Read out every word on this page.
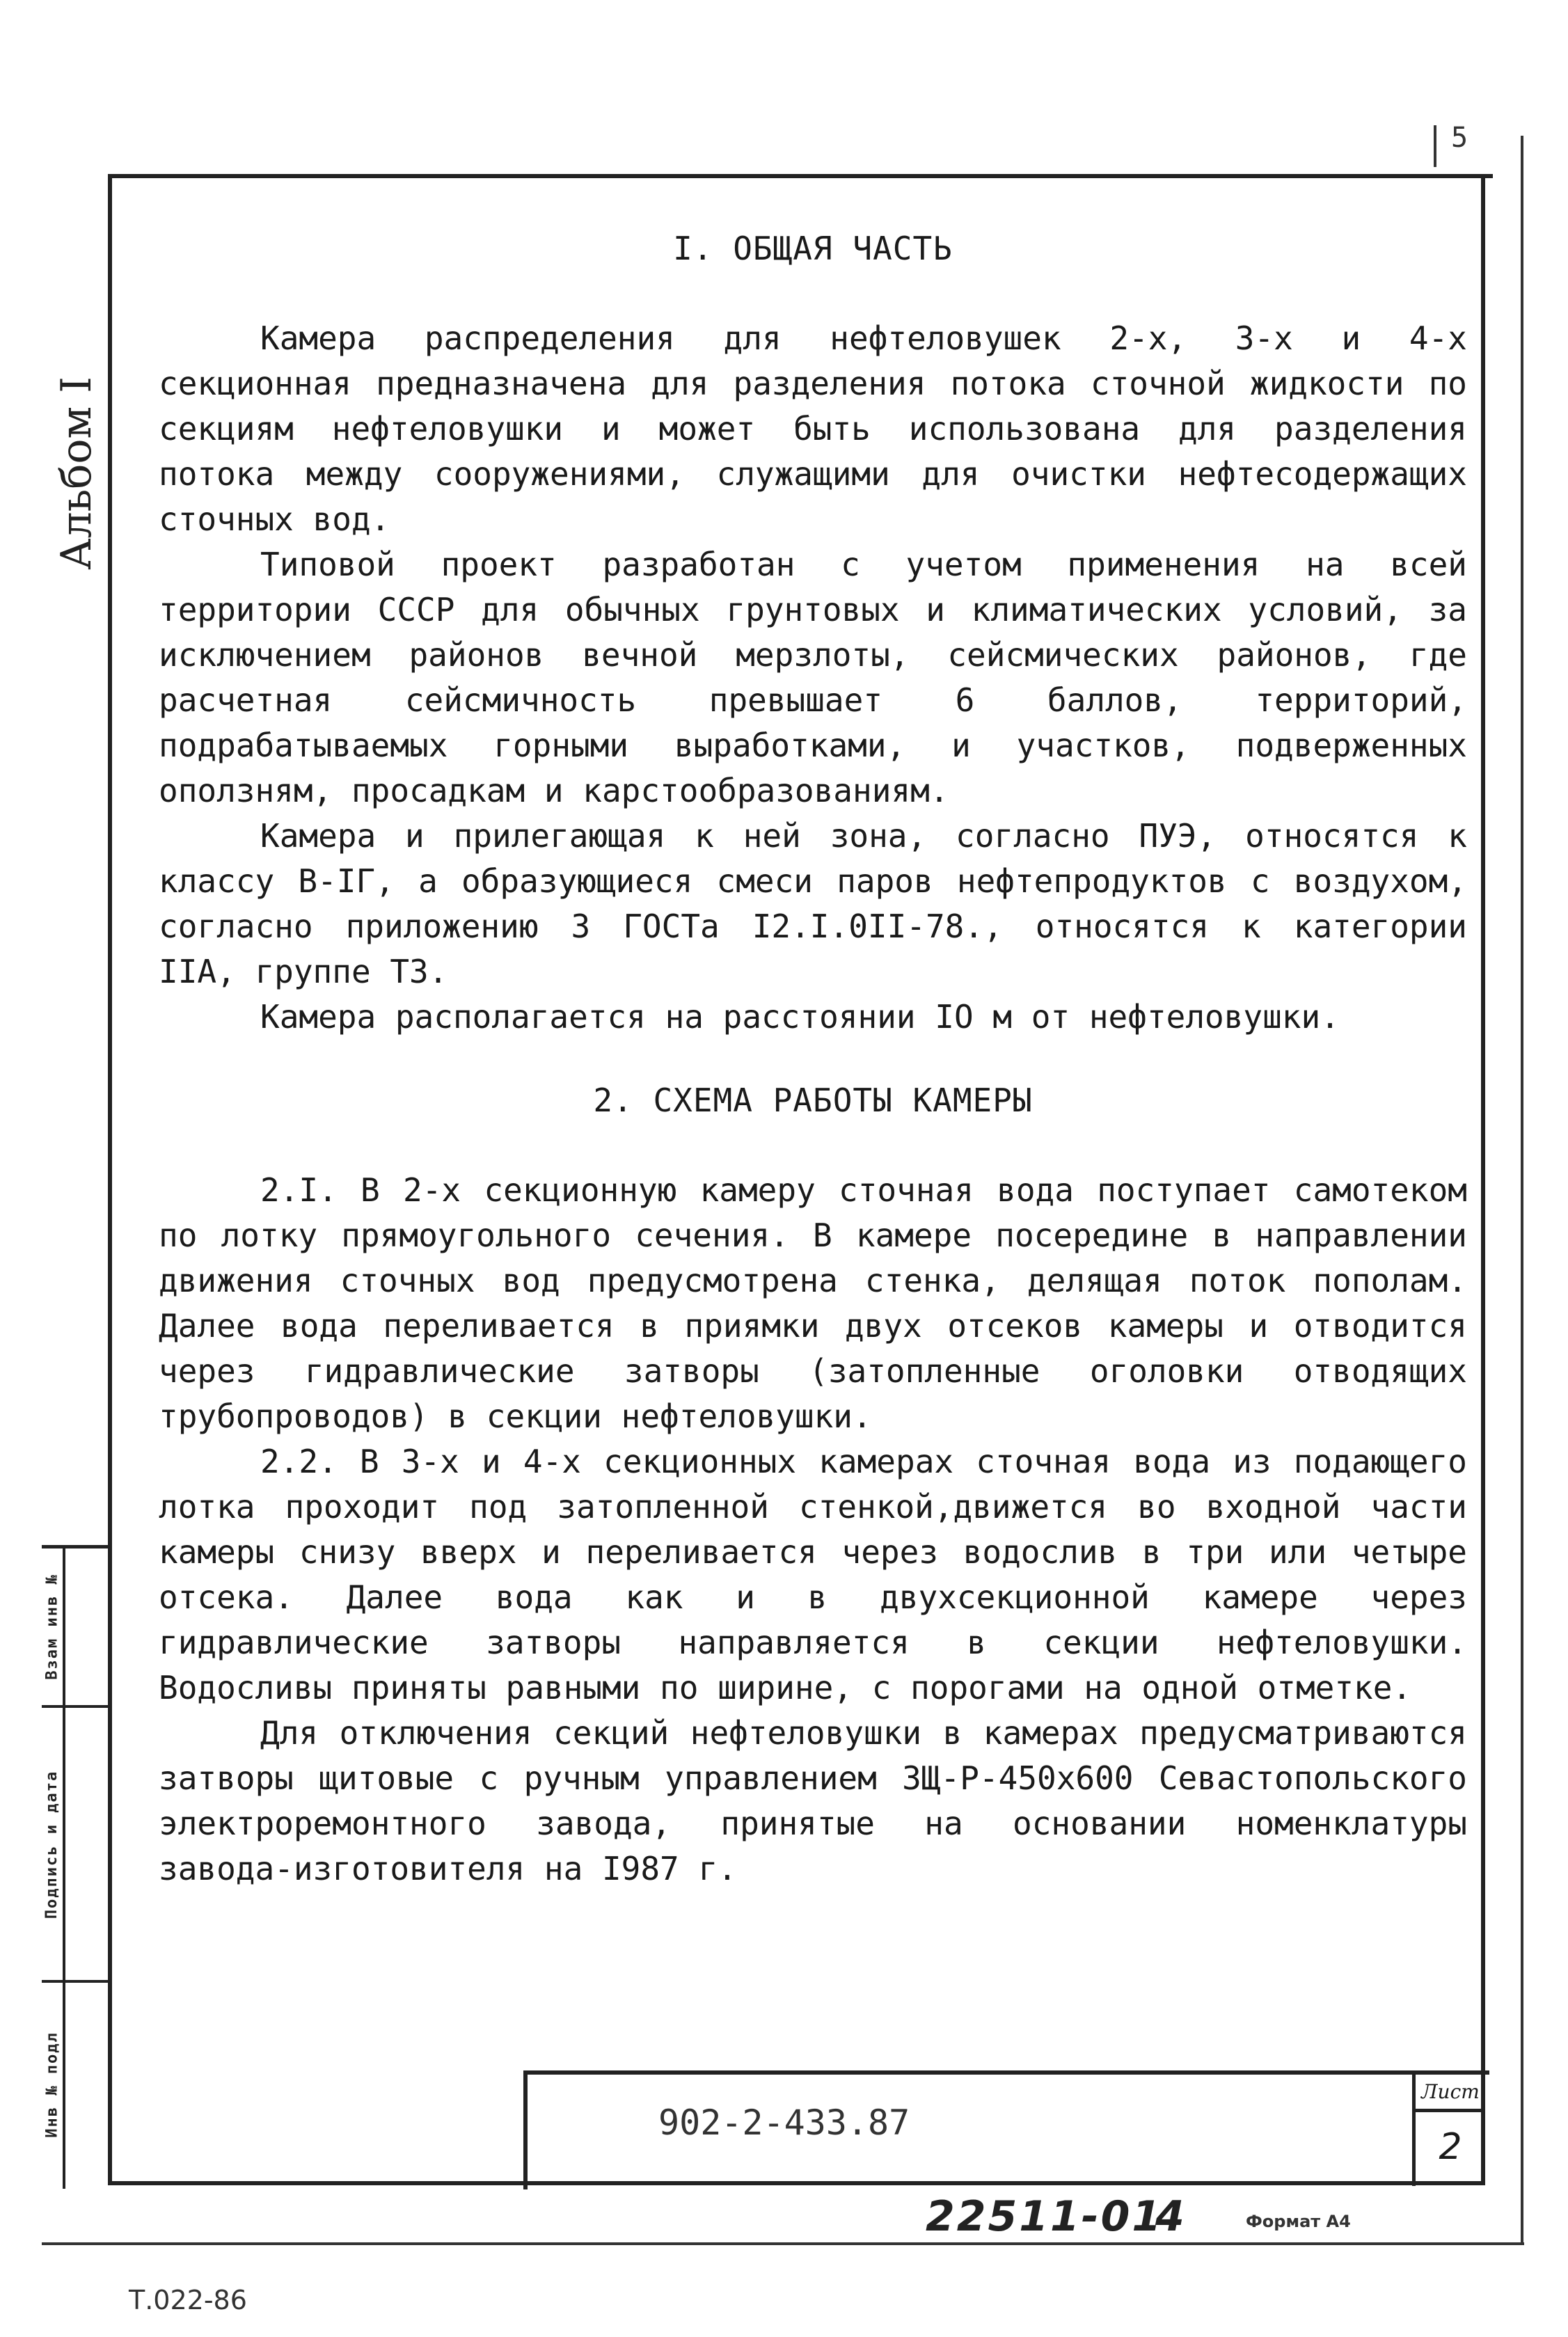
5
Альбом I
Взам инв №
Подпись и дата
Инв № подл
I. ОБЩАЯ ЧАСТЬ

Камера распределения для нефтеловушек 2-х, 3-х и 4-х секционная предназначена для разделения потока сточной жидкости по секциям нефтеловушки и может быть использована для разделения потока между сооружениями, служащими для очистки нефтесодержащих сточных вод.

Типовой проект разработан с учетом применения на всей территории СССР для обычных грунтовых и климатических условий, за исключением районов вечной мерзлоты, сейсмических районов, где расчетная сейсмичность превышает 6 баллов, территорий, подрабатываемых горными выработками, и участков, подверженных оползням, просадкам и карстообразованиям.

Камера и прилегающая к ней зона, согласно ПУЭ, относятся к классу В-IГ, а образующиеся смеси паров нефтепродуктов с воздухом, согласно приложению 3 ГОСТа I2.I.0II-78., относятся к категории IIА, группе ТЗ.

Камера располагается на расстоянии IO м от нефтеловушки.

2. СХЕМА РАБОТЫ КАМЕРЫ

2.I. В 2-х секционную камеру сточная вода поступает самотеком по лотку прямоугольного сечения. В камере посередине в направлении движения сточных вод предусмотрена стенка, делящая поток пополам. Далее вода переливается в приямки двух отсеков камеры и отводится через гидравлические затворы (затопленные оголовки отводящих трубопроводов) в секции нефтеловушки.

2.2. В 3-х и 4-х секционных камерах сточная вода из подающего лотка проходит под затопленной стенкой,движется во входной части камеры снизу вверх и переливается через водослив в три или четыре отсека. Далее вода как и в двухсекционной камере через гидравлические затворы направляется в секции нефтеловушки. Водосливы приняты равными по ширине, с порогами на одной отметке.

Для отключения секций нефтеловушки в камерах предусматриваются затворы щитовые с ручным управлением ЗЩ-Р-450х600 Севастопольского электроремонтного завода, принятые на основании номенклатуры завода-изготовителя на I987 г.

902-2-433.87
Лист
2
22511-01
4	Формат А4
Т.022-86
